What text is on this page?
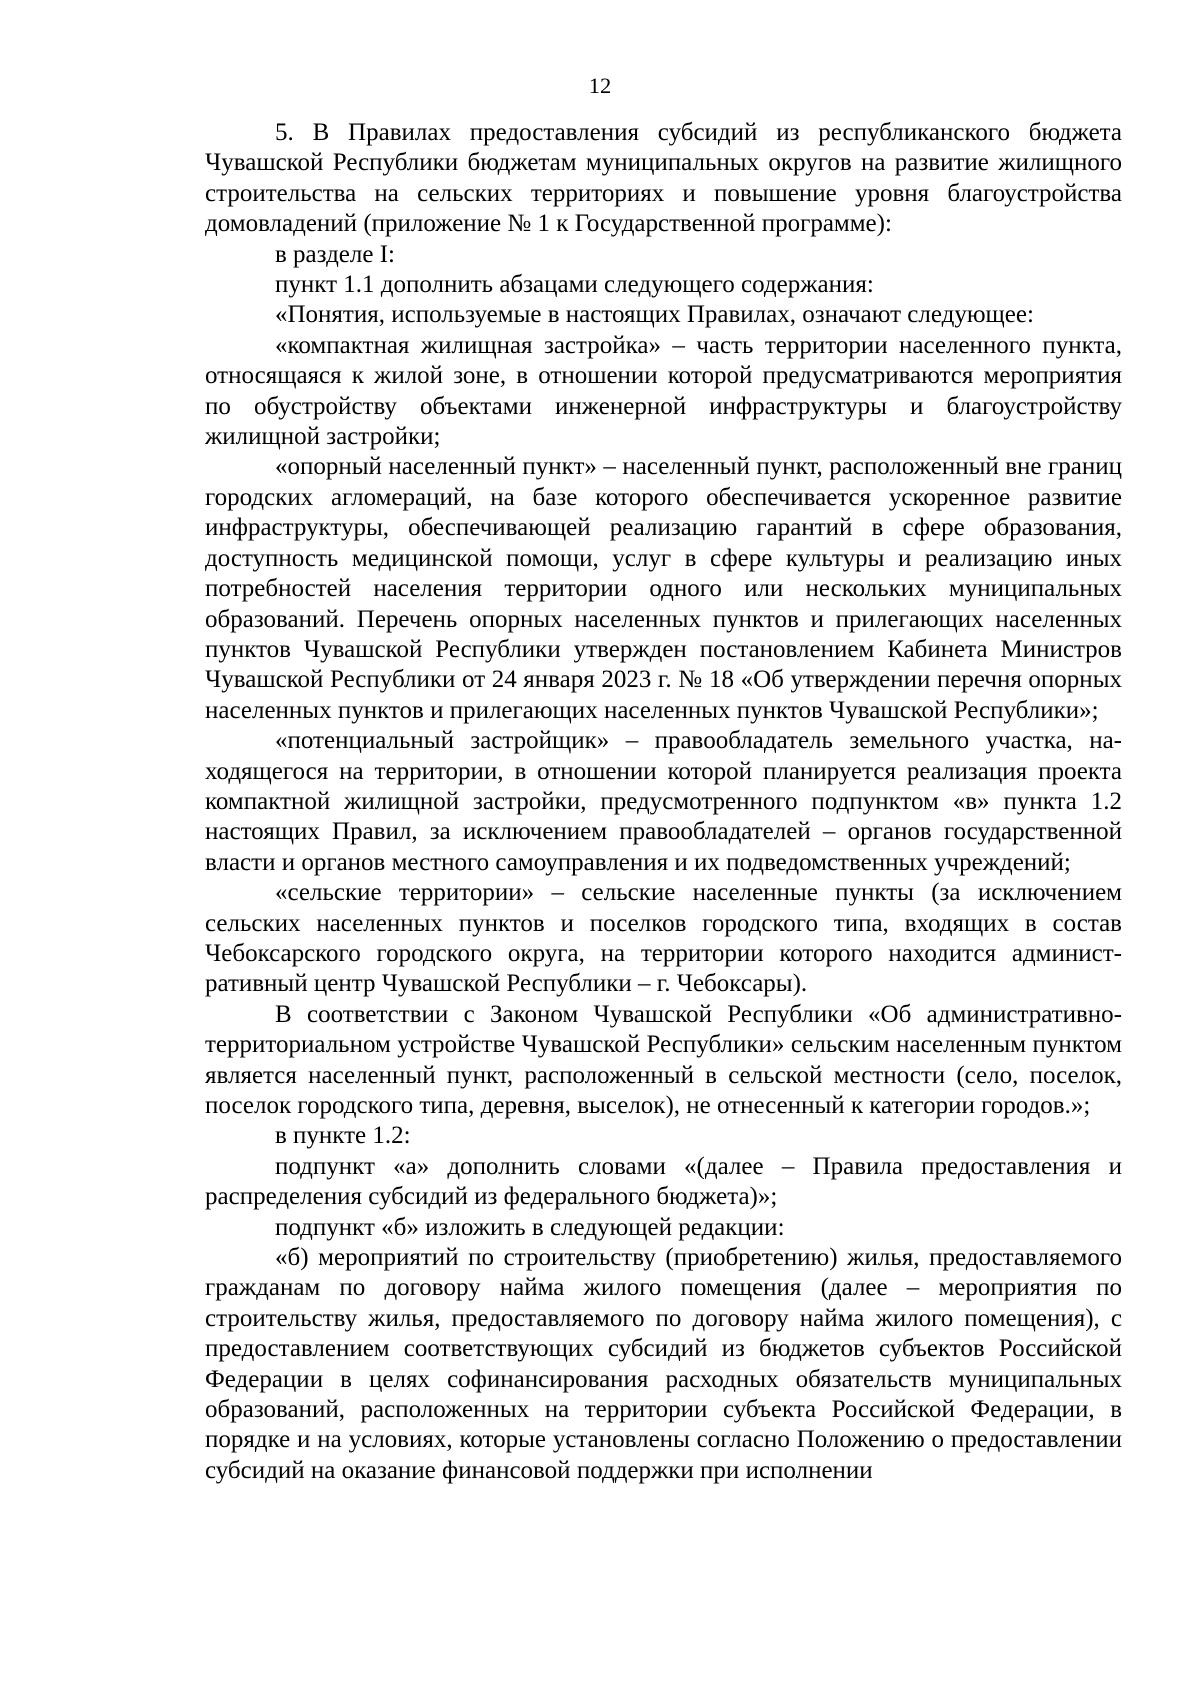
12

5. В Правилах предоставления субсидий из республиканского бюджета Чувашской Республики бюджетам муниципальных округов на развитие жилищного строительства на сельских территориях и повышение уровня благоустройства домовладений (приложение № 1 к Государственной программе):

в разделе I:

пункт 1.1 дополнить абзацами следующего содержания:

«Понятия, используемые в настоящих Правилах, означают следующее:

«компактная жилищная застройка» – часть территории населенного пункта, относящаяся к жилой зоне, в отношении которой предусматриваются мероприятия по обустройству объектами инженерной инфраструктуры и благоустройству жилищной застройки;

«опорный населенный пункт» – населенный пункт, расположенный вне границ городских агломераций, на базе которого обеспечивается ускоренное развитие инфраструктуры, обеспечивающей реализацию гарантий в сфере образования, доступность медицинской помощи, услуг в сфере культуры и реализацию иных потребностей населения территории одного или нескольких муниципальных образований. Перечень опорных населенных пунктов и прилегающих населенных пунктов Чувашской Республики утвержден постановлением Кабинета Министров Чувашской Республики от 24 января 2023 г. № 18 «Об утверждении перечня опорных населенных пунктов и прилегающих населенных пунктов Чувашской Республики»;

«потенциальный застройщик» – правообладатель земельного участка, находящегося на территории, в отношении которой планируется реализация проекта компактной жилищной застройки, предусмотренного подпунктом «в» пункта 1.2 настоящих Правил, за исключением правообладателей – органов государственной власти и органов местного самоуправления и их подведомственных учреждений;

«сельские территории» – сельские населенные пункты (за исключением сельских населенных пунктов и поселков городского типа, входящих в состав Чебоксарского городского округа, на территории которого находится административный центр Чувашской Республики – г. Чебоксары).

В соответствии с Законом Чувашской Республики «Об административно-территориальном устройстве Чувашской Республики» сельским населенным пунктом является населенный пункт, расположенный в сельской местности (село, поселок, поселок городского типа, деревня, выселок), не отнесенный к категории городов.»;

в пункте 1.2:

подпункт «а» дополнить словами «(далее – Правила предоставления и распределения субсидий из федерального бюджета)»;

подпункт «б» изложить в следующей редакции:

«б) мероприятий по строительству (приобретению) жилья, предоставляемого гражданам по договору найма жилого помещения (далее – мероприятия по строительству жилья, предоставляемого по договору найма жилого помещения), с предоставлением соответствующих субсидий из бюджетов субъектов Российской Федерации в целях софинансирования расходных обязательств муниципальных образований, расположенных на территории субъекта Российской Федерации, в порядке и на условиях, которые установлены согласно Положению о предоставлении субсидий на оказание финансовой поддержки при исполнении
